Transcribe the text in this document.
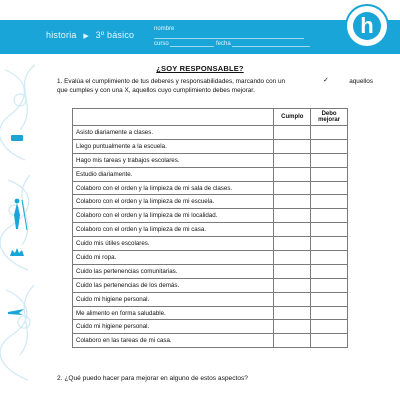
historia ▶ 3º básico
nombre
curso	fecha
h
¿SOY RESPONSABLE?
1. Evalúa el cumplimiento de tus deberes y responsabilidades, marcando con un	✓	aquellos
que cumples y con una X, aquellos cuyo cumplimiento debes mejorar.
	Cumplo	Debo mejorar
Asisto diariamente a clases.		
Llego puntualmente a la escuela.		
Hago mis tareas y trabajos escolares.		
Estudio diariamente.		
Colaboro con el orden y la limpieza de mi sala de clases.		
Colaboro con el orden y la limpieza de mi escuela.		
Colaboro con el orden y la limpieza de mi localidad.		
Colaboro con el orden y la limpieza de mi casa.		
Cuido mis útiles escolares.		
Cuido mi ropa.		
Cuido las pertenencias comunitarias.		
Cuido las pertenencias de los demás.		
Cuido mi higiene personal.		
Me alimento en forma saludable.		
Cuido mi higiene personal.		
Colaboro en las tareas de mi casa.		
2. ¿Qué puedo hacer para mejorar en alguno de estos aspectos?
